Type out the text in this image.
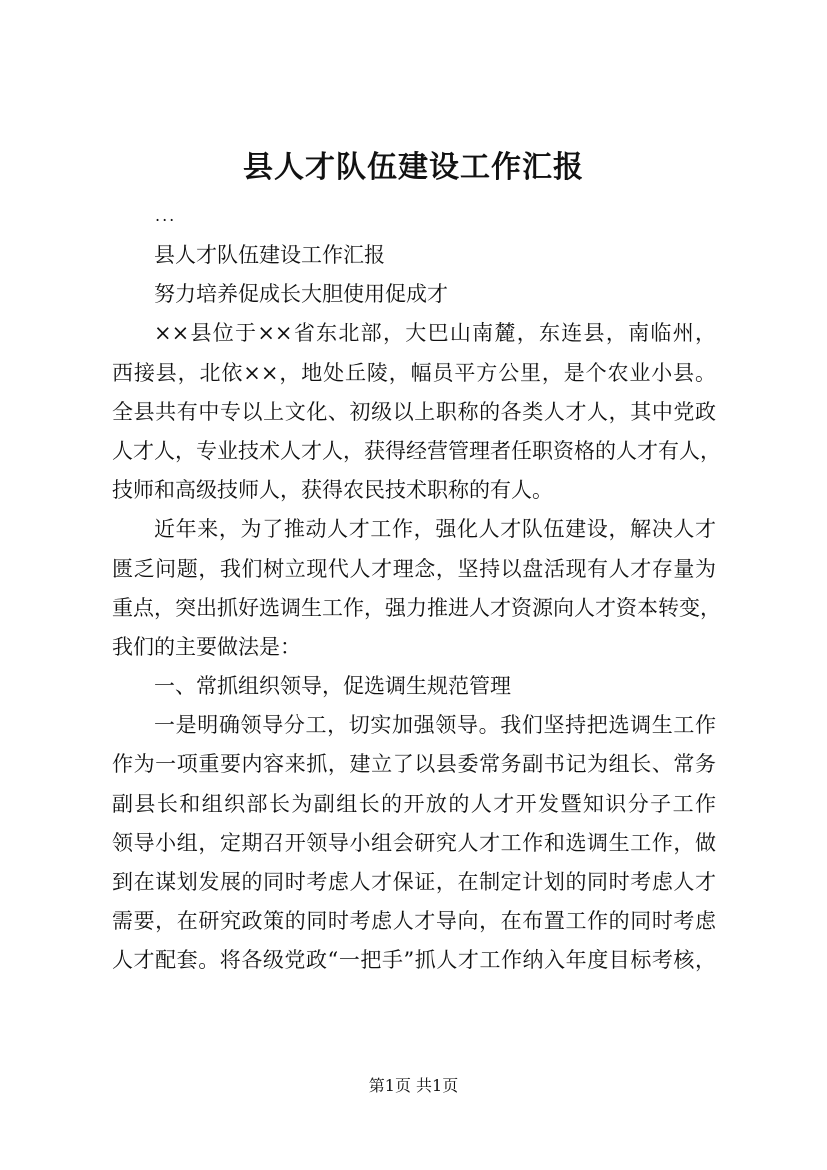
县人才队伍建设工作汇报
...
县人才队伍建设工作汇报
努力培养促成长大胆使用促成才
××县位于××省东北部，大巴山南麓，东连县，南临州，
西接县，北依××，地处丘陵，幅员平方公里，是个农业小县。
全县共有中专以上文化、初级以上职称的各类人才人，其中党政
人才人，专业技术人才人，获得经营管理者任职资格的人才有人，
技师和高级技师人，获得农民技术职称的有人。
近年来，为了推动人才工作，强化人才队伍建设，解决人才
匮乏问题，我们树立现代人才理念，坚持以盘活现有人才存量为
重点，突出抓好选调生工作，强力推进人才资源向人才资本转变，
我们的主要做法是：
一、常抓组织领导，促选调生规范管理
一是明确领导分工，切实加强领导。我们坚持把选调生工作
作为一项重要内容来抓，建立了以县委常务副书记为组长、常务
副县长和组织部长为副组长的开放的人才开发暨知识分子工作
领导小组，定期召开领导小组会研究人才工作和选调生工作，做
到在谋划发展的同时考虑人才保证，在制定计划的同时考虑人才
需要，在研究政策的同时考虑人才导向，在布置工作的同时考虑
人才配套。将各级党政“一把手”抓人才工作纳入年度目标考核，
第1页 共1页
